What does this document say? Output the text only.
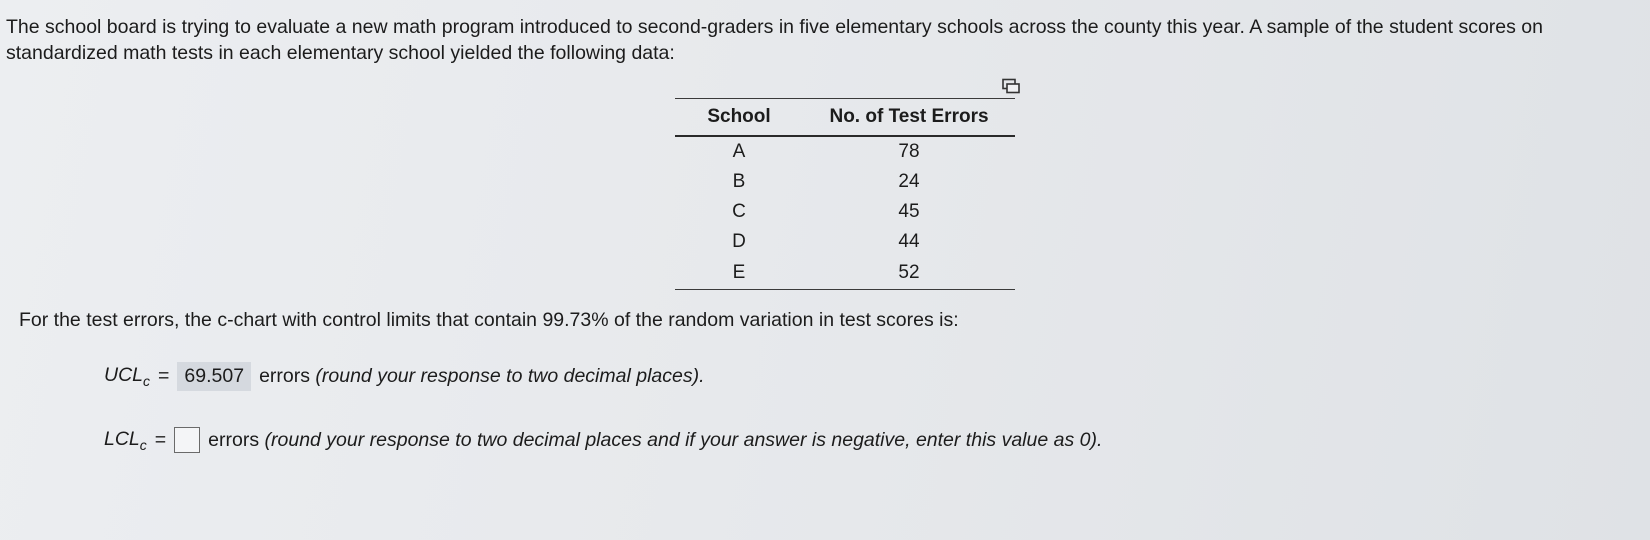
The school board is trying to evaluate a new math program introduced to second-graders in five elementary schools across the county this year. A sample of the student scores on standardized math tests in each elementary school yielded the following data:
School	No. of Test Errors
A	78
B	24
C	45
D	44
E	52
For the test errors, the c-chart with control limits that contain 99.73% of the random variation in test scores is:
$UCL_c = 69.507$ errors
(round your response to two decimal places).
$LCL_c$ = errors
(round your response to two decimal places and if your answer is negative, enter this value as 0).
